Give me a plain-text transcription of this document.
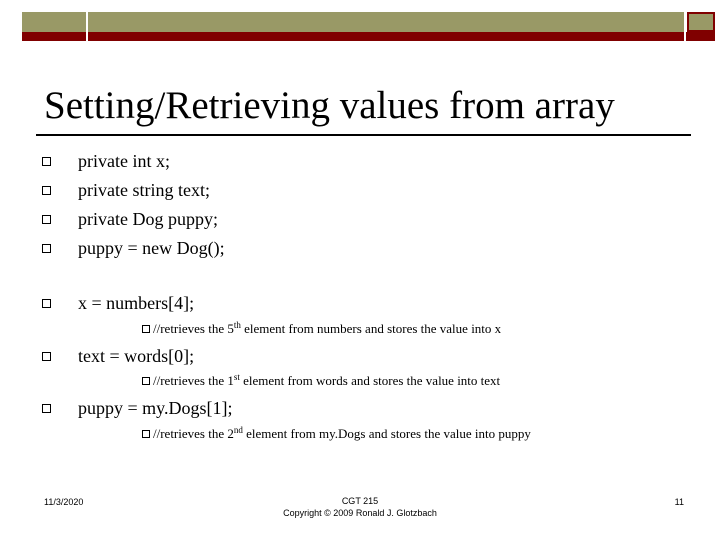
Setting/Retrieving values from array
private int x;
private string text;
private Dog puppy;
puppy = new Dog();
x = numbers[4];
//retrieves the 5th element from numbers and stores the value into x
text = words[0];
//retrieves the 1st element from words and stores the value into text
puppy = my.Dogs[1];
//retrieves the 2nd element from my.Dogs and stores the value into puppy
11/3/2020	CGT 215
Copyright © 2009 Ronald J. Glotzbach
11
